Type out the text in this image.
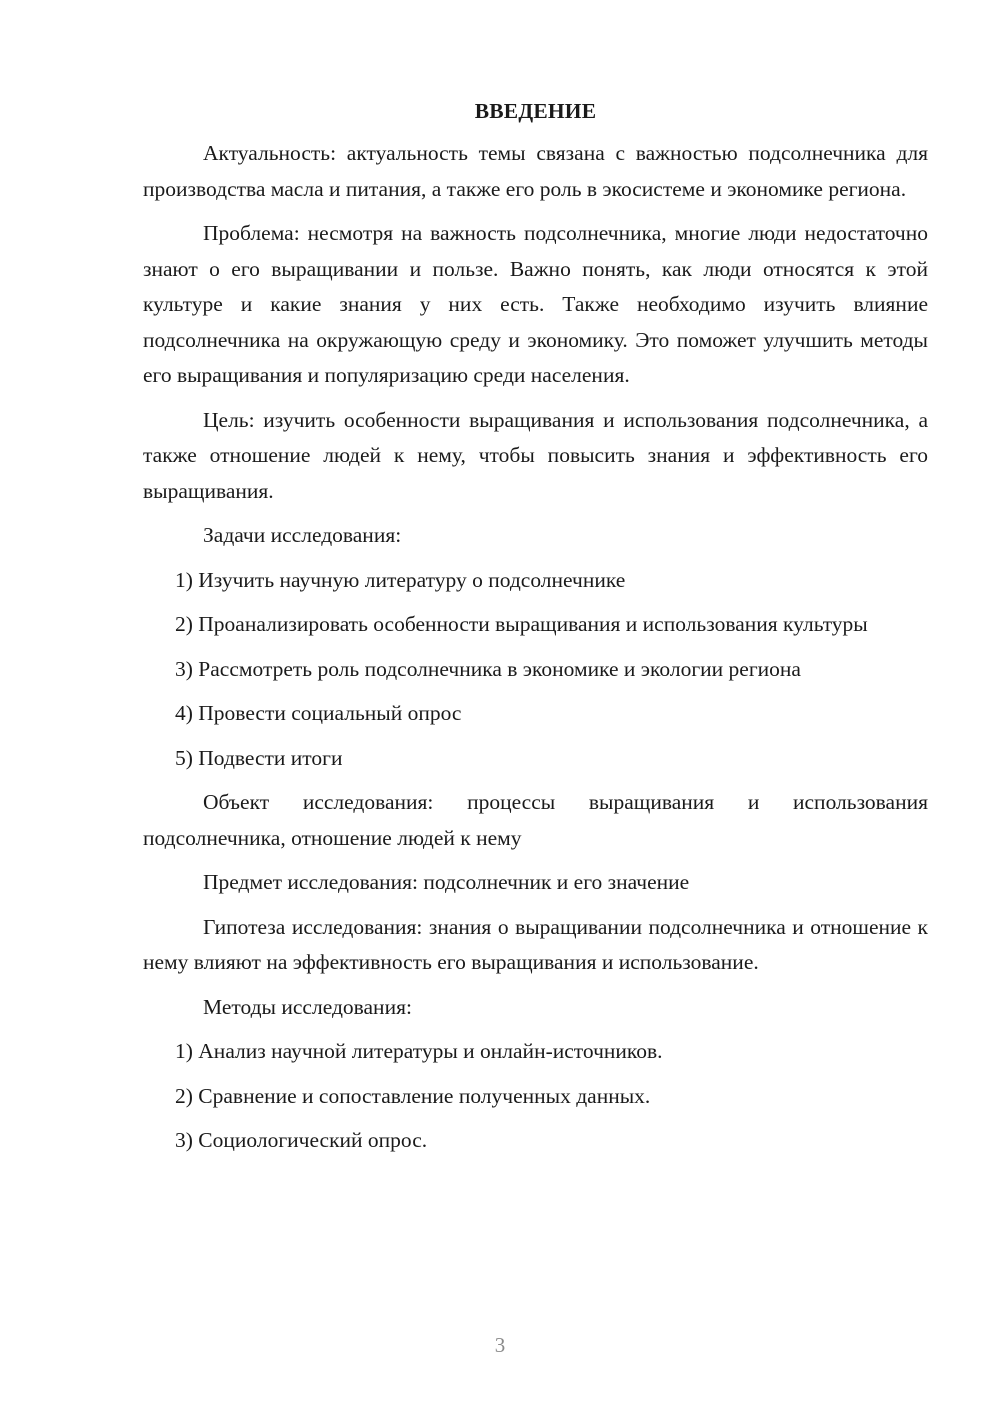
ВВЕДЕНИЕ

Актуальность: актуальность темы связана с важностью подсолнечника для производства масла и питания, а также его роль в экосистеме и экономике региона.

Проблема: несмотря на важность подсолнечника, многие люди недостаточно знают о его выращивании и пользе. Важно понять, как люди относятся к этой культуре и какие знания у них есть. Также необходимо изучить влияние подсолнечника на окружающую среду и экономику. Это поможет улучшить методы его выращивания и популяризацию среди населения.

Цель: изучить особенности выращивания и использования подсолнечника, а также отношение людей к нему, чтобы повысить знания и эффективность его выращивания.

Задачи исследования:

1) Изучить научную литературу о подсолнечнике

2) Проанализировать особенности выращивания и использования культуры

3) Рассмотреть роль подсолнечника в экономике и экологии региона

4) Провести социальный опрос

5) Подвести итоги

Объект исследования: процессы выращивания и использования подсолнечника, отношение людей к нему

Предмет исследования: подсолнечник и его значение

Гипотеза исследования: знания о выращивании подсолнечника и отношение к нему влияют на эффективность его выращивания и использование.

Методы исследования:

1) Анализ научной литературы и онлайн-источников.

2) Сравнение и сопоставление полученных данных.

3) Социологический опрос.

3
